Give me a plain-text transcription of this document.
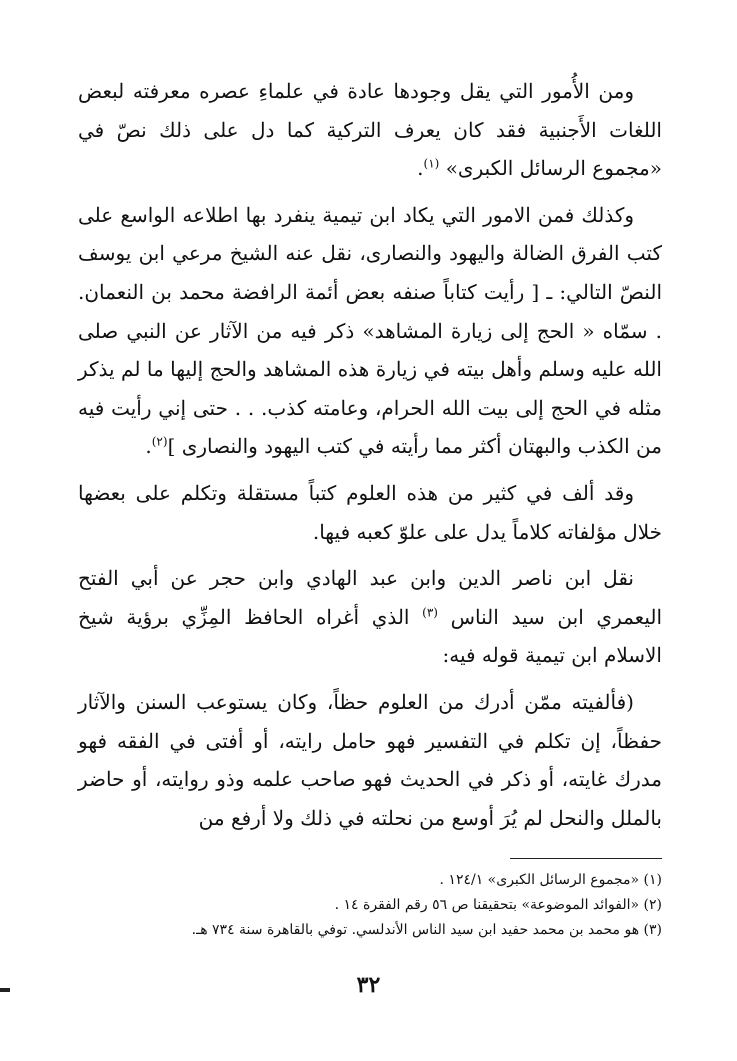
ومن الأُمور التي يقل وجودها عادة في علماءِ عصره معرفته لبعض اللغات الأَجنبية فقد كان يعرف التركية كما دل على ذلك نصّ في «مجموع الرسائل الكبرى» $^{(١)}$.

وكذلك فمن الامور التي يكاد ابن تيمية ينفرد بها اطلاعه الواسع على كتب الفرق الضالة واليهود والنصارى، نقل عنه الشيخ مرعي ابن يوسف النصّ التالي: ـ [ رأيت كتاباً صنفه بعض أئمة الرافضة محمد بن النعمان. . سمّاه « الحج إلى زيارة المشاهد» ذكر فيه من الآثار عن النبي صلى الله عليه وسلم وأهل بيته في زيارة هذه المشاهد والحج إليها ما لم يذكر مثله في الحج إلى بيت الله الحرام، وعامته كذب. . . حتى إني رأيت فيه من الكذب والبهتان أكثر مما رأيته في كتب اليهود والنصارى ]$^{(٢)}$.

وقد ألف في كثير من هذه العلوم كتباً مستقلة وتكلم على بعضها خلال مؤلفاته كلاماً يدل على علوّ كعبه فيها.

نقل ابن ناصر الدين وابن عبد الهادي وابن حجر عن أبي الفتح اليعمري ابن سيد الناس $^{(٣)}$ الذي أغراه الحافظ المِزِّي برؤية شيخ الاسلام ابن تيمية قوله فيه:

(فألفيته ممّن أدرك من العلوم حظاً، وكان يستوعب السنن والآثار حفظاً، إن تكلم في التفسير فهو حامل رايته، أو أفتى في الفقه فهو مدرك غايته، أو ذكر في الحديث فهو صاحب علمه وذو روايته، أو حاضر بالملل والنحل لم يُرَ أوسع من نحلته في ذلك ولا أرفع من

(١) «مجموع الرسائل الكبرى» ١٢٤/١ .

(٢) «الفوائد الموضوعة» بتحقيقنا ص ٥٦ رقم الفقرة ١٤ .

(٣) هو محمد بن محمد حفيد ابن سيد الناس الأندلسي. توفي بالقاهرة سنة ٧٣٤ هـ.

٣٢
